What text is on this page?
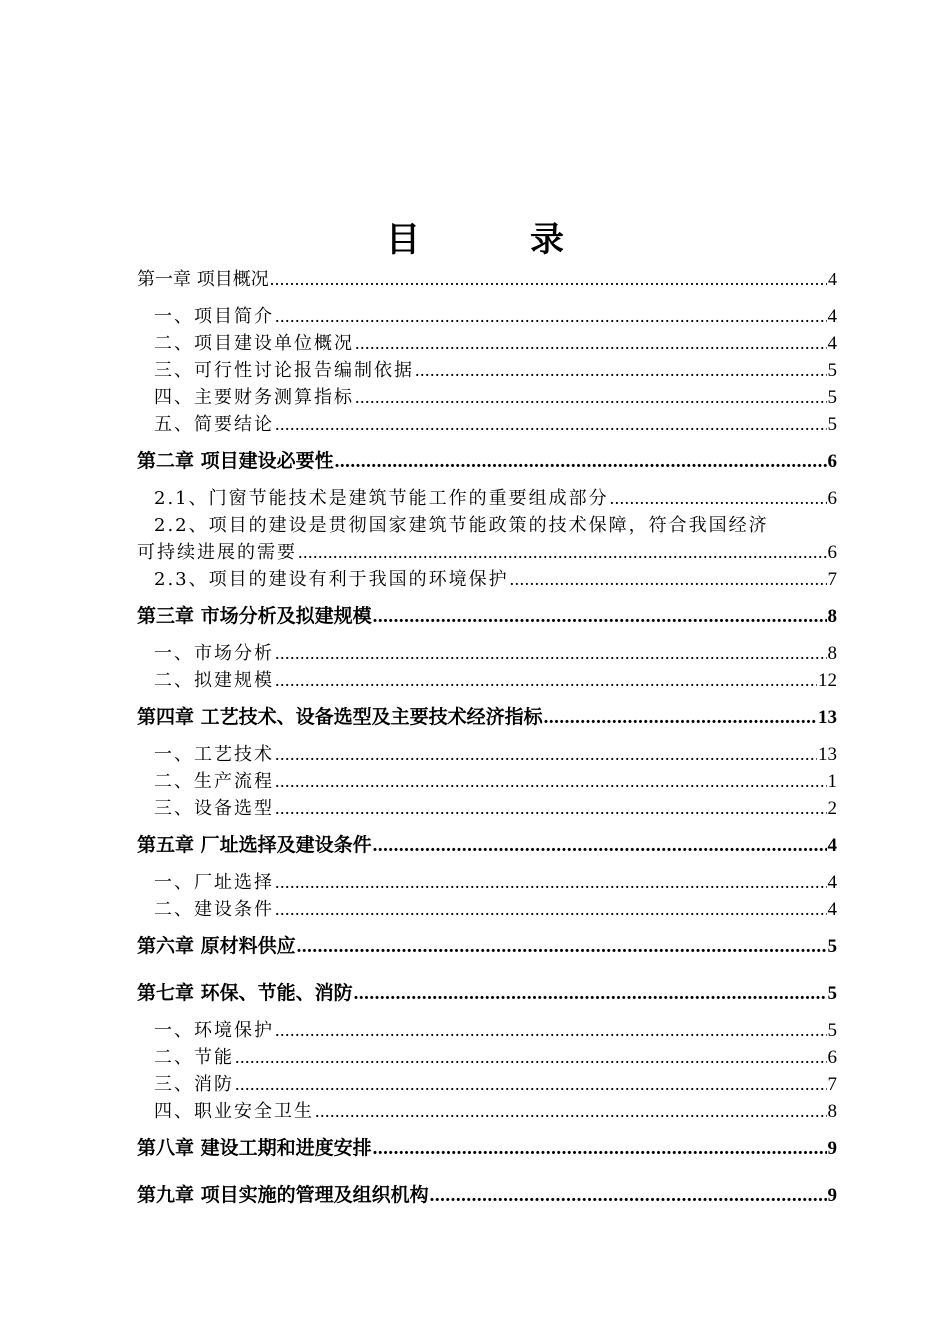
目　录
第一章 项目概况 .....	4
一、项目简介 .....	4
二、项目建设单位概况 .....	4
三、可行性讨论报告编制依据 .....	5
四、主要财务测算指标 .....	5
五、简要结论 .....	5
第二章 项目建设必要性 .....	6
2.1、门窗节能技术是建筑节能工作的重要组成部分 .....	6
2.2、项目的建设是贯彻国家建筑节能政策的技术保障，符合我国经济
可持续进展的需要 .....	6
2.3、项目的建设有利于我国的环境保护 .....	7
第三章 市场分析及拟建规模 .....	8
一、市场分析 .....	8
二、拟建规模 .....	12
第四章 工艺技术、设备选型及主要技术经济指标 .....	13
一、工艺技术 .....	13
二、生产流程 .....	1
三、设备选型 .....	2
第五章 厂址选择及建设条件 .....	4
一、厂址选择 .....	4
二、建设条件 .....	4
第六章 原材料供应 .....	5
第七章 环保、节能、消防 .....	5
一、环境保护 .....	5
二、节能 .....	6
三、消防 .....	7
四、职业安全卫生 .....	8
第八章 建设工期和进度安排 .....	9
第九章 项目实施的管理及组织机构 .....	9
